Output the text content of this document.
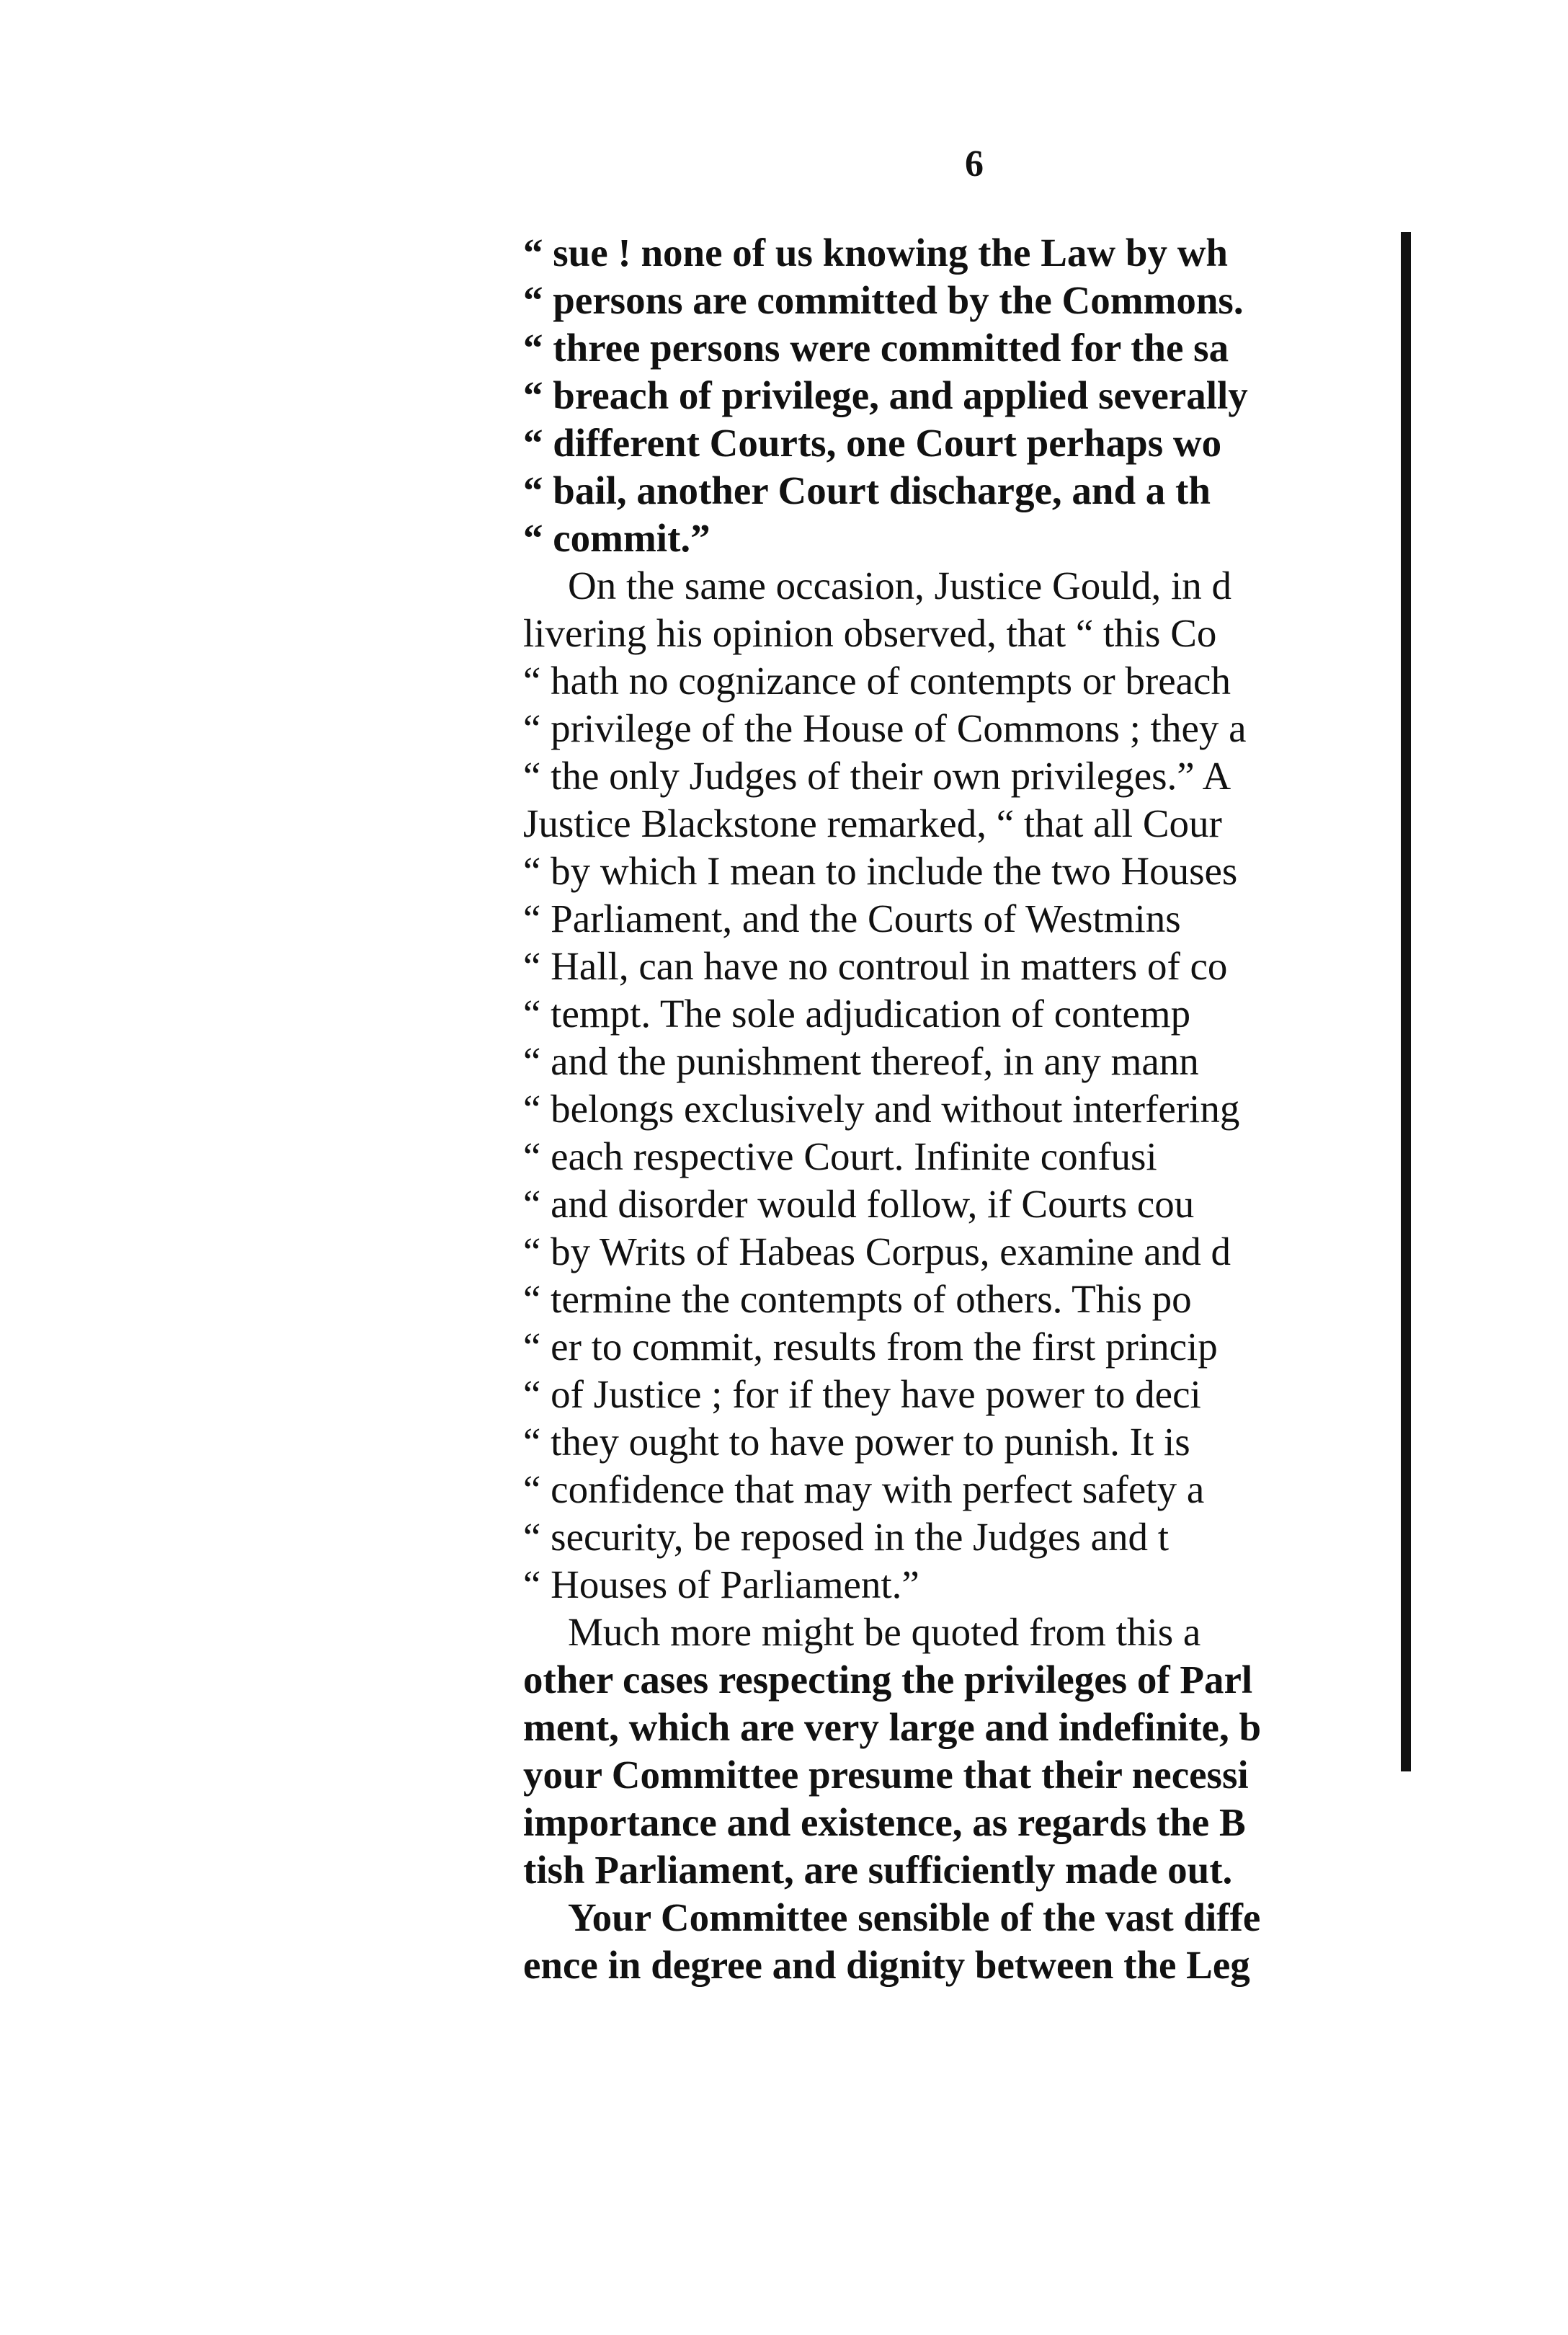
6
“ sue ! none of us knowing the Law by wh
“ persons are committed by the Commons.
“ three persons were committed for the sa
“ breach of privilege, and applied severally
“ different Courts, one Court perhaps wo
“ bail, another Court discharge, and a th
“ commit.”
On the same occasion, Justice Gould, in d
livering his opinion observed, that “ this Co
“ hath no cognizance of contempts or breach
“ privilege of the House of Commons ; they a
“ the only Judges of their own privileges.” A
Justice Blackstone remarked, “ that all Cour
“ by which I mean to include the two Houses
“ Parliament, and the Courts of Westmins
“ Hall, can have no controul in matters of co
“ tempt. The sole adjudication of contemp
“ and the punishment thereof, in any mann
“ belongs exclusively and without interfering
“ each respective Court. Infinite confusi
“ and disorder would follow, if Courts cou
“ by Writs of Habeas Corpus, examine and d
“ termine the contempts of others. This po
“ er to commit, results from the first princip
“ of Justice ; for if they have power to deci
“ they ought to have power to punish. It is
“ confidence that may with perfect safety a
“ security, be reposed in the Judges and t
“ Houses of Parliament.”
Much more might be quoted from this a
other cases respecting the privileges of Parl
ment, which are very large and indefinite, b
your Committee presume that their necessi
importance and existence, as regards the B
tish Parliament, are sufficiently made out.
Your Committee sensible of the vast diffe
ence in degree and dignity between the Leg
